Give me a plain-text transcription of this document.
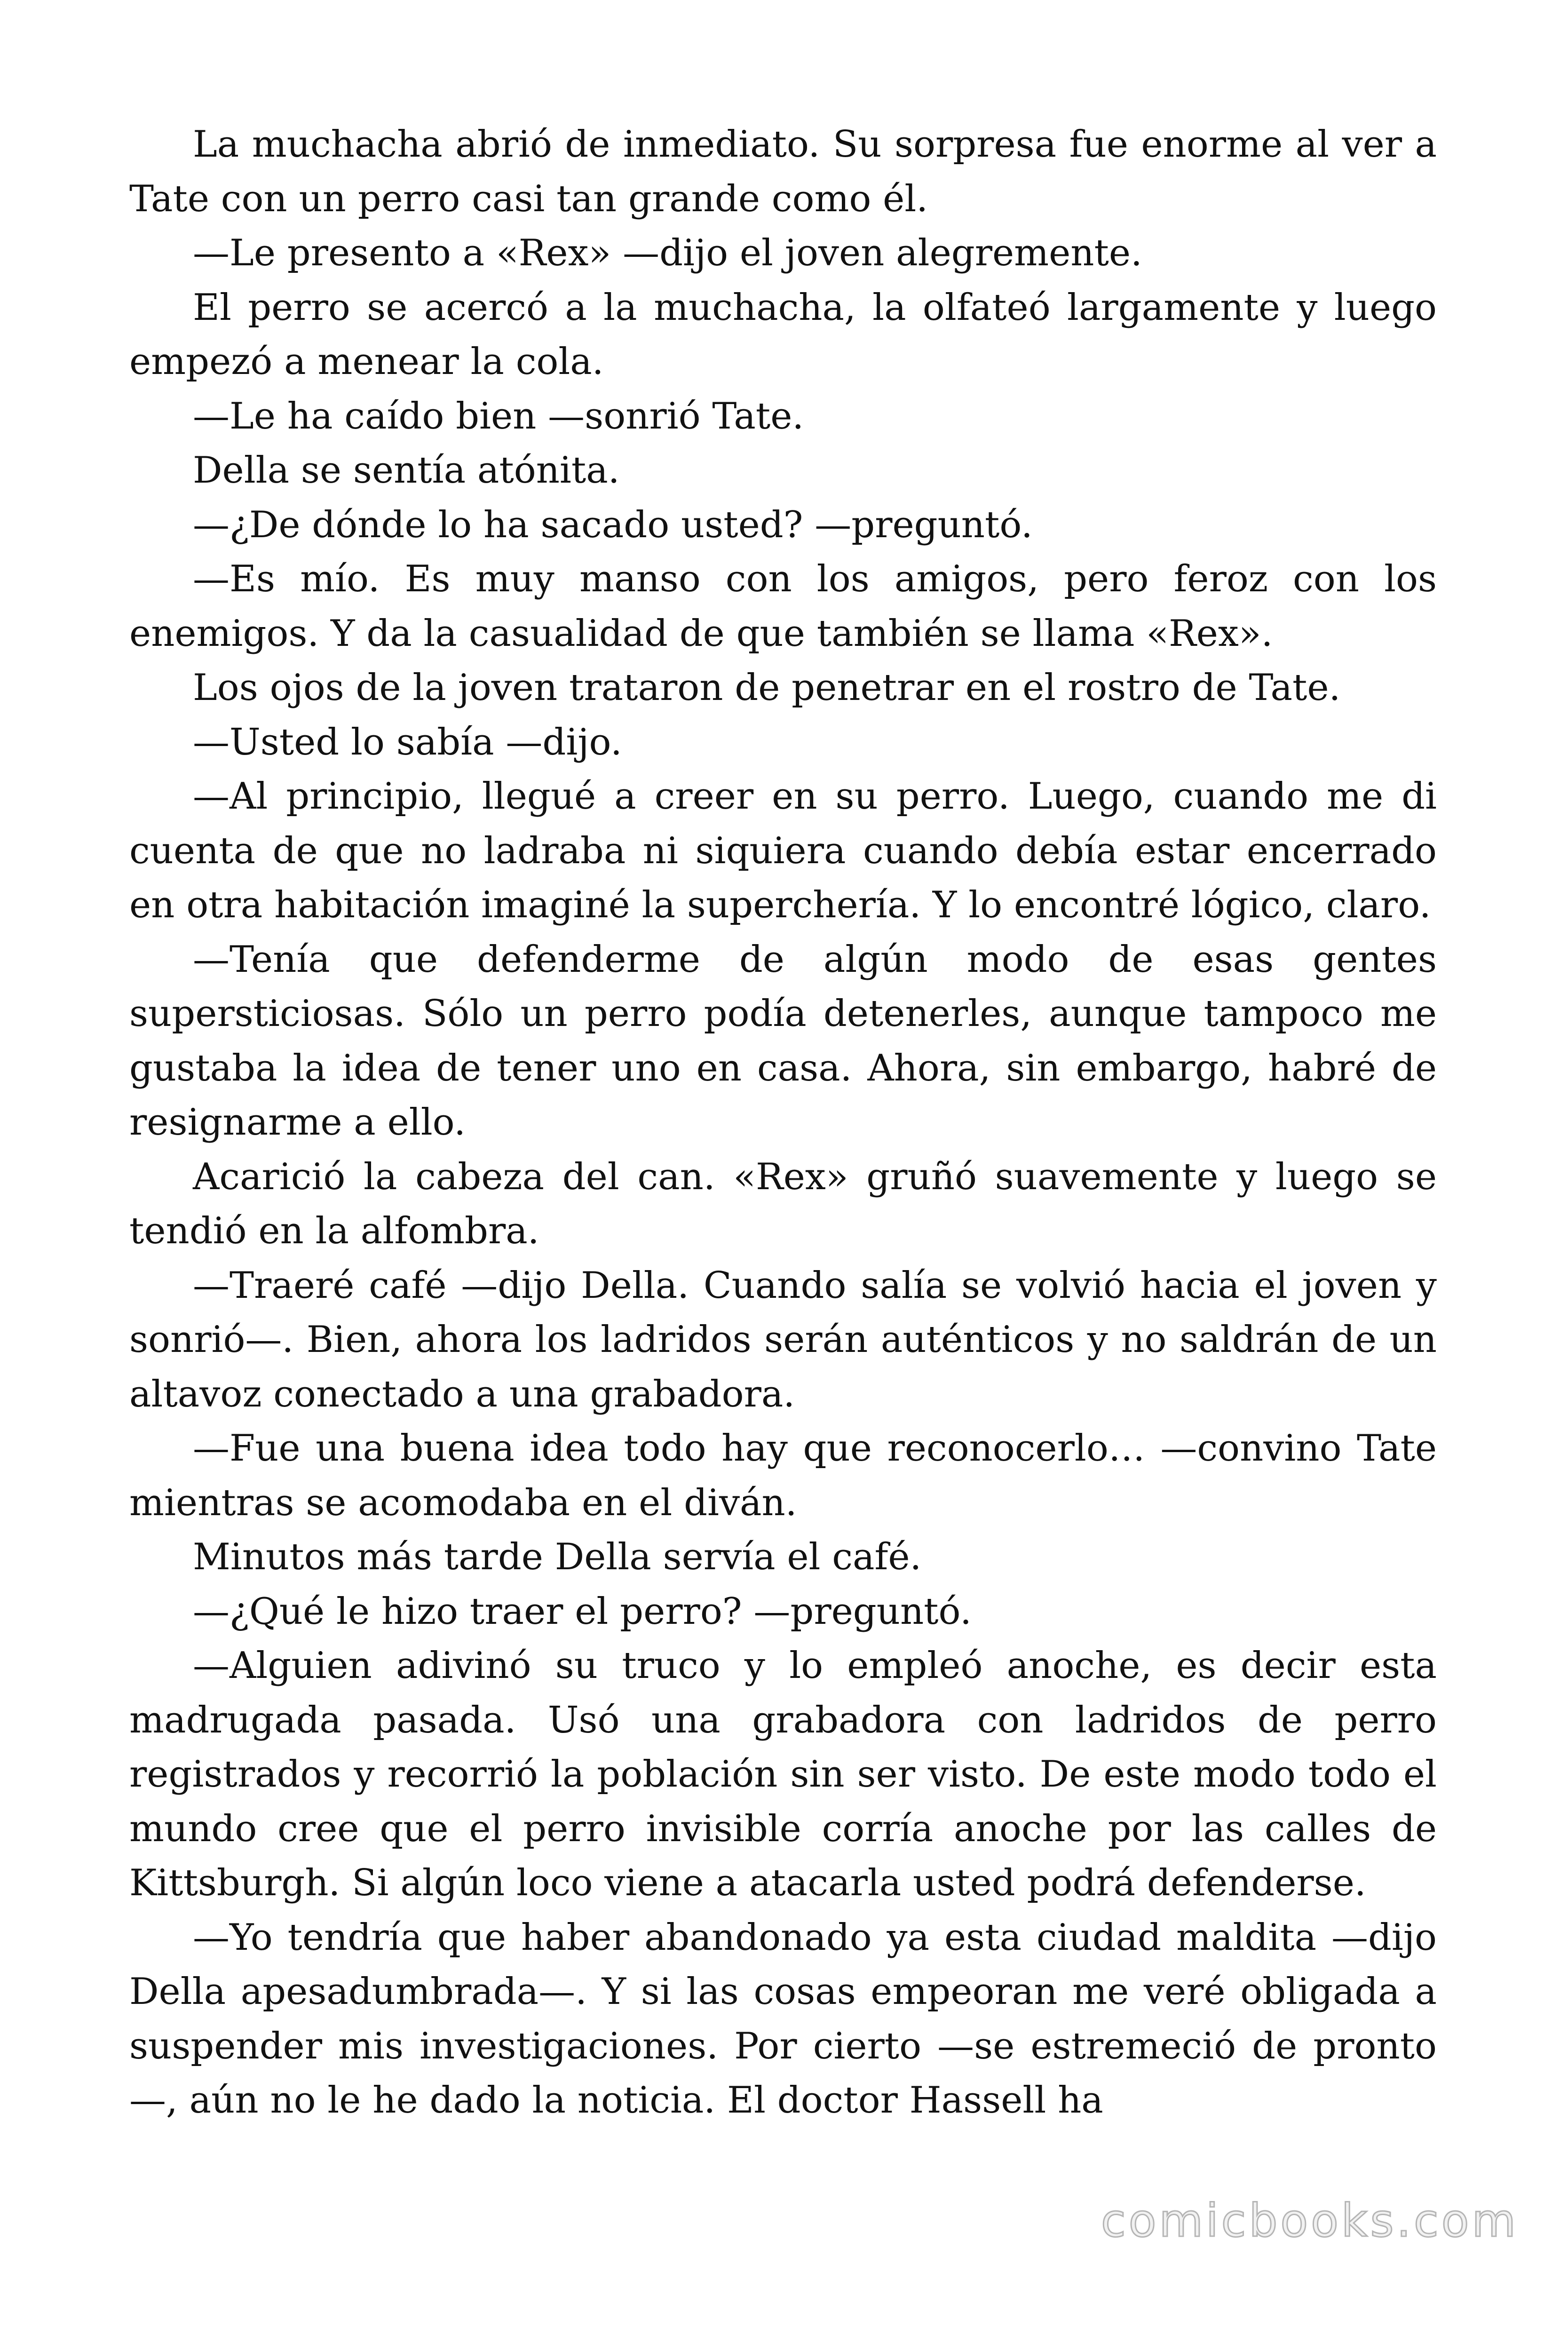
La muchacha abrió de inmediato. Su sorpresa fue enorme al ver a Tate con un perro casi tan grande como él.

—Le presento a «Rex» —dijo el joven alegremente.

El perro se acercó a la muchacha, la olfateó largamente y luego empezó a menear la cola.

—Le ha caído bien —sonrió Tate.

Della se sentía atónita.

—¿De dónde lo ha sacado usted? —preguntó.

—Es mío. Es muy manso con los amigos, pero feroz con los enemigos. Y da la casualidad de que también se llama «Rex».

Los ojos de la joven trataron de penetrar en el rostro de Tate.

—Usted lo sabía —dijo.

—Al principio, llegué a creer en su perro. Luego, cuando me di cuenta de que no ladraba ni siquiera cuando debía estar encerrado en otra habitación imaginé la superchería. Y lo encontré lógico, claro.

—Tenía que defenderme de algún modo de esas gentes supersticiosas. Sólo un perro podía detenerles, aunque tampoco me gustaba la idea de tener uno en casa. Ahora, sin embargo, habré de resignarme a ello.

Acarició la cabeza del can. «Rex» gruñó suavemente y luego se tendió en la alfombra.

—Traeré café —dijo Della. Cuando salía se volvió hacia el joven y sonrió—. Bien, ahora los ladridos serán auténticos y no saldrán de un altavoz conectado a una grabadora.

—Fue una buena idea todo hay que reconocerlo… —convino Tate mientras se acomodaba en el diván.

Minutos más tarde Della servía el café.

—¿Qué le hizo traer el perro? —preguntó.

—Alguien adivinó su truco y lo empleó anoche, es decir esta madrugada pasada. Usó una grabadora con ladridos de perro registrados y recorrió la población sin ser visto. De este modo todo el mundo cree que el perro invisible corría anoche por las calles de Kittsburgh. Si algún loco viene a atacarla usted podrá defenderse.

—Yo tendría que haber abandonado ya esta ciudad maldita —dijo Della apesadumbrada—. Y si las cosas empeoran me veré obligada a suspender mis investigaciones. Por cierto —se estremeció de pronto—, aún no le he dado la noticia. El doctor Hassell ha

comicbooks.com
